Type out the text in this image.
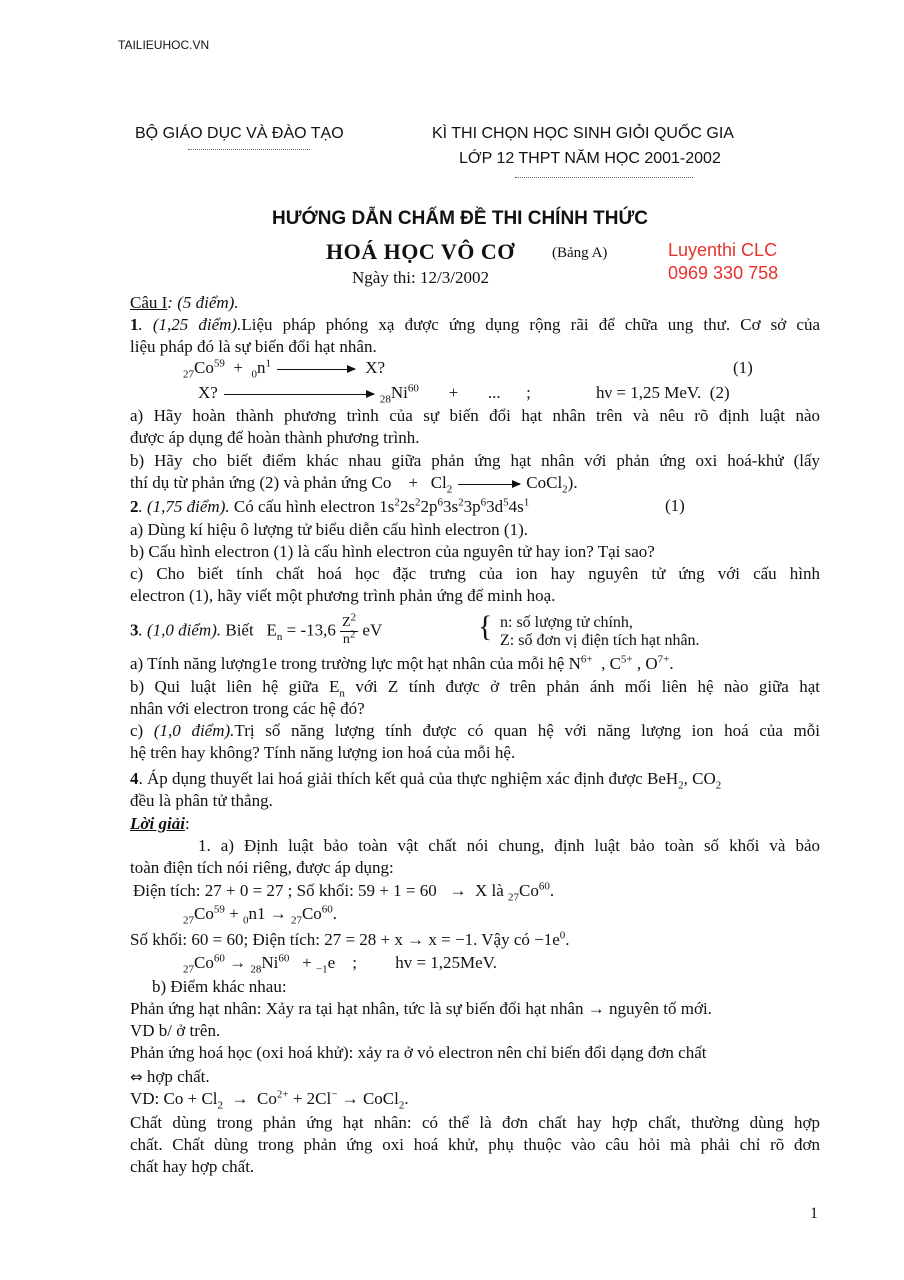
TAILIEUHOC.VN
BỘ GIÁO DỤC VÀ ĐÀO TẠO	KÌ THI CHỌN HỌC SINH GIỎI QUỐC GIA
LỚP 12 THPT NĂM HỌC 2001-2002
HƯỚNG DẪN CHẤM ĐỀ THI CHÍNH THỨC
HOÁ HỌC VÔ CƠ (Bảng A)
Ngày thi: 12/3/2002
Luyenthi CLC
0969 330 758
Câu I: (5 điểm).
1. (1,25 điểm).Liệu pháp phóng xạ được ứng dụng rộng rãi để chữa ung thư. Cơ sở của
liệu pháp đó là sự biến đổi hạt nhân.
$_{27}Co^{59} + _0n^1$	X?	(1)
X?	$_{28}Ni^{60}$       +       ...      ;	hν = 1,25 MeV. (2)
a) Hãy hoàn thành phương trình của sự biến đổi hạt nhân trên và nêu rõ định luật nào
được áp dụng để hoàn thành phương trình.
b) Hãy cho biết điểm khác nhau giữa phản ứng hạt nhân với phản ứng oxi hoá-khử (lấy
thí dụ từ phản ứng (2) và phản ứng Co    +   $Cl_2$ → CoCl$_2$).
2. (1,75 điểm). Có cấu hình electron $1s^22s^22p^63s^23p^63d^54s^1$	(1)
a) Dùng kí hiệu ô lượng tử biểu diễn cấu hình electron (1).
b) Cấu hình electron (1) là cấu hình electron của nguyên tử hay ion? Tại sao?
c) Cho biết tính chất hoá học đặc trưng của ion hay nguyên tử ứng với cấu hình
electron (1), hãy viết một phương trình phản ứng để minh hoạ.
3. (1,0 điểm). Biết   $E_n = -13,6 \frac{Z^2}{n^2}$ eV	{ n: số lượng tử chính,
Z: số đơn vị điện tích hạt nhân.
a) Tính năng lượng1e trong trường lực một hạt nhân của mỗi hệ $N^{6+}$  , $C^{5+}$ , $O^{7+}$.
b) Qui luật liên hệ giữa $E_n$ với Z tính được ở trên phản ánh mối liên hệ nào giữa hạt
nhân với electron trong các hệ đó?
c) (1,0 điểm).Trị số năng lượng tính được có quan hệ với năng lượng ion hoá của mỗi
hệ trên hay không? Tính năng lượng ion hoá của mỗi hệ.
4. Áp dụng thuyết lai hoá giải thích kết quả của thực nghiệm xác định được BeH$_2$, $CO_2$
đều là phân tử thẳng.
Lời giải:
1. a) Định luật bảo toàn vật chất nói chung, định luật bảo toàn số khối và bảo
toàn điện tích nói riêng, được áp dụng:
Điện tích: 27 + 0 = 27 ; Số khối: 59 + 1 = 60   →  X là $_{27}Co^{60}$.
$_{27}Co^{59} + _0n1 \to _{27}Co^{60}$.
Số khối: 60 = 60; Điện tích: 27 = 28 + x → x = −1. Vậy có $-1e^0$.
$_{27}Co^{60} \to _{28}Ni^{60} + _{-1}e$    ;         hv = 1,25MeV.
b) Điểm khác nhau:
Phản ứng hạt nhân: Xảy ra tại hạt nhân, tức là sự biến đổi hạt nhân → nguyên tố mới.
VD b/ ở trên.
Phản ứng hoá học (oxi hoá khử): xảy ra ở vỏ electron nên chỉ biến đổi dạng đơn chất
⇔ hợp chất.
VD: $Co + Cl_2 \to Co^{2+} + 2Cl^-$ → CoCl$_2$.
Chất dùng trong phản ứng hạt nhân: có thể là đơn chất hay hợp chất, thường dùng hợp
chất. Chất dùng trong phản ứng oxi hoá khử, phụ thuộc vào câu hỏi mà phải chỉ rõ đơn
chất hay hợp chất.
1
